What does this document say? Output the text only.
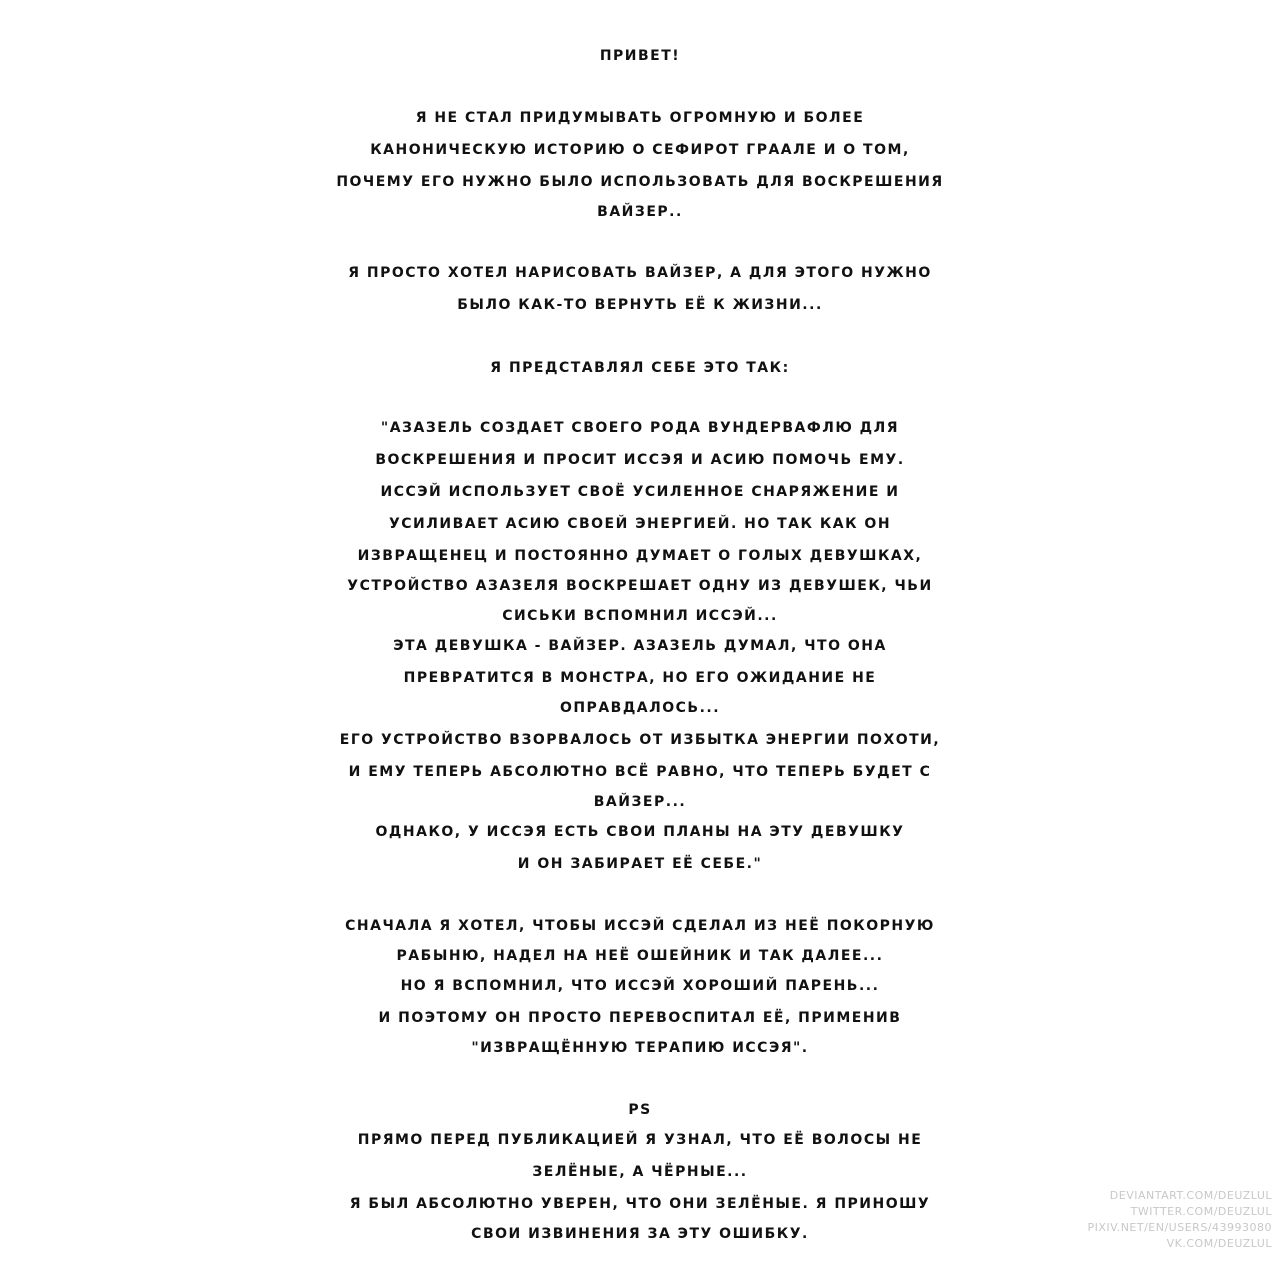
ПРИВЕТ!
Я НЕ СТАЛ ПРИДУМЫВАТЬ ОГРОМНУЮ И БОЛЕЕ
КАНОНИЧЕСКУЮ ИСТОРИЮ О СЕФИРОТ ГРААЛЕ И О ТОМ,
ПОЧЕМУ ЕГО НУЖНО БЫЛО ИСПОЛЬЗОВАТЬ ДЛЯ ВОСКРЕШЕНИЯ
ВАЙЗЕР..
Я ПРОСТО ХОТЕЛ НАРИСОВАТЬ ВАЙЗЕР, А ДЛЯ ЭТОГО НУЖНО
БЫЛО КАК-ТО ВЕРНУТЬ ЕЁ К ЖИЗНИ...
Я ПРЕДСТАВЛЯЛ СЕБЕ ЭТО ТАК:
"АЗАЗЕЛЬ СОЗДАЕТ СВОЕГО РОДА ВУНДЕРВАФЛЮ ДЛЯ
ВОСКРЕШЕНИЯ И ПРОСИТ ИССЭЯ И АСИЮ ПОМОЧЬ ЕМУ.
ИССЭЙ ИСПОЛЬЗУЕТ СВОЁ УСИЛЕННОЕ СНАРЯЖЕНИЕ И
УСИЛИВАЕТ АСИЮ СВОЕЙ ЭНЕРГИЕЙ. НО ТАК КАК ОН
ИЗВРАЩЕНЕЦ И ПОСТОЯННО ДУМАЕТ О ГОЛЫХ ДЕВУШКАХ,
УСТРОЙСТВО АЗАЗЕЛЯ ВОСКРЕШАЕТ ОДНУ ИЗ ДЕВУШЕК, ЧЬИ
СИСЬКИ ВСПОМНИЛ ИССЭЙ...
ЭТА ДЕВУШКА - ВАЙЗЕР. АЗАЗЕЛЬ ДУМАЛ, ЧТО ОНА
ПРЕВРАТИТСЯ В МОНСТРА, НО ЕГО ОЖИДАНИЕ НЕ
ОПРАВДАЛОСЬ...
ЕГО УСТРОЙСТВО ВЗОРВАЛОСЬ ОТ ИЗБЫТКА ЭНЕРГИИ ПОХОТИ,
И ЕМУ ТЕПЕРЬ АБСОЛЮТНО ВСЁ РАВНО, ЧТО ТЕПЕРЬ БУДЕТ С
ВАЙЗЕР...
ОДНАКО, У ИССЭЯ ЕСТЬ СВОИ ПЛАНЫ НА ЭТУ ДЕВУШКУ
И ОН ЗАБИРАЕТ ЕЁ СЕБЕ."
СНАЧАЛА Я ХОТЕЛ, ЧТОБЫ ИССЭЙ СДЕЛАЛ ИЗ НЕЁ ПОКОРНУЮ
РАБЫНЮ, НАДЕЛ НА НЕЁ ОШЕЙНИК И ТАК ДАЛЕЕ...
НО Я ВСПОМНИЛ, ЧТО ИССЭЙ ХОРОШИЙ ПАРЕНЬ...
И ПОЭТОМУ ОН ПРОСТО ПЕРЕВОСПИТАЛ ЕЁ, ПРИМЕНИВ
"ИЗВРАЩЁННУЮ ТЕРАПИЮ ИССЭЯ".
PS
ПРЯМО ПЕРЕД ПУБЛИКАЦИЕЙ Я УЗНАЛ, ЧТО ЕЁ ВОЛОСЫ НЕ
ЗЕЛЁНЫЕ, А ЧЁРНЫЕ...
Я БЫЛ АБСОЛЮТНО УВЕРЕН, ЧТО ОНИ ЗЕЛЁНЫЕ. Я ПРИНОШУ
СВОИ ИЗВИНЕНИЯ ЗА ЭТУ ОШИБКУ.
DEVIANTART.COM/DEUZLUL
TWITTER.COM/DEUZLUL
PIXIV.NET/EN/USERS/43993080
VK.COM/DEUZLUL
